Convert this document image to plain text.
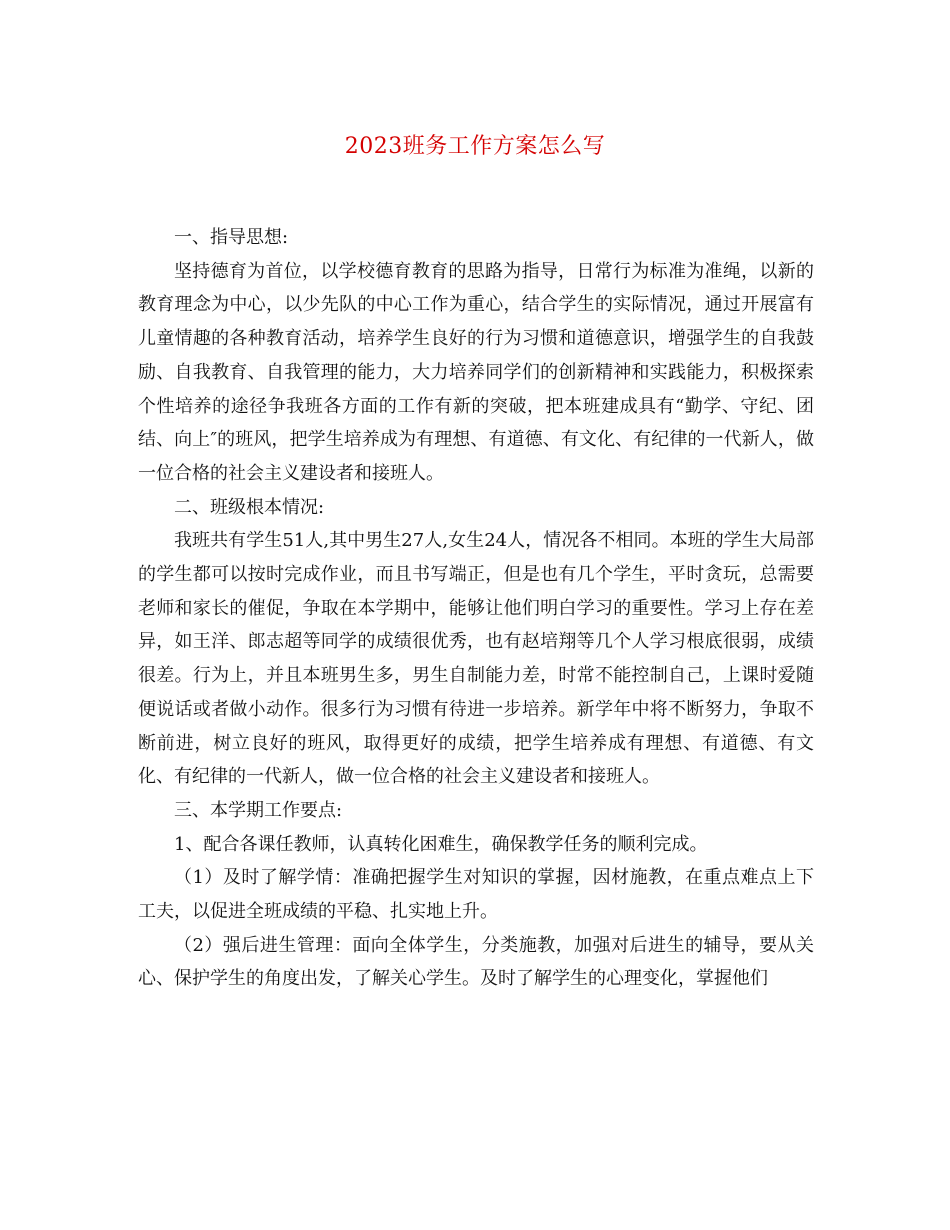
2023班务工作方案怎么写

一、指导思想:

坚持德育为首位，以学校德育教育的思路为指导，日常行为标准为准绳，以新的教育理念为中心，以少先队的中心工作为重心，结合学生的实际情况，通过开展富有儿童情趣的各种教育活动，培养学生良好的行为习惯和道德意识，增强学生的自我鼓励、自我教育、自我管理的能力，大力培养同学们的创新精神和实践能力，积极探索个性培养的途径争我班各方面的工作有新的突破，把本班建成具有“勤学、守纪、团结、向上″的班风，把学生培养成为有理想、有道德、有文化、有纪律的一代新人，做一位合格的社会主义建设者和接班人。

二、班级根本情况:

我班共有学生51人,其中男生27人,女生24人，情况各不相同。本班的学生大局部的学生都可以按时完成作业，而且书写端正，但是也有几个学生，平时贪玩，总需要老师和家长的催促，争取在本学期中，能够让他们明白学习的重要性。学习上存在差异，如王洋、郎志超等同学的成绩很优秀，也有赵培翔等几个人学习根底很弱，成绩很差。行为上，并且本班男生多，男生自制能力差，时常不能控制自己，上课时爱随便说话或者做小动作。很多行为习惯有待进一步培养。新学年中将不断努力，争取不断前进，树立良好的班风，取得更好的成绩，把学生培养成有理想、有道德、有文化、有纪律的一代新人，做一位合格的社会主义建设者和接班人。

三、本学期工作要点:

1、配合各课任教师，认真转化困难生，确保教学任务的顺利完成。

（1）及时了解学情：准确把握学生对知识的掌握，因材施教，在重点难点上下工夫，以促进全班成绩的平稳、扎实地上升。

（2）强后进生管理：面向全体学生，分类施教，加强对后进生的辅导，要从关心、保护学生的角度出发，了解关心学生。及时了解学生的心理变化，掌握他们
